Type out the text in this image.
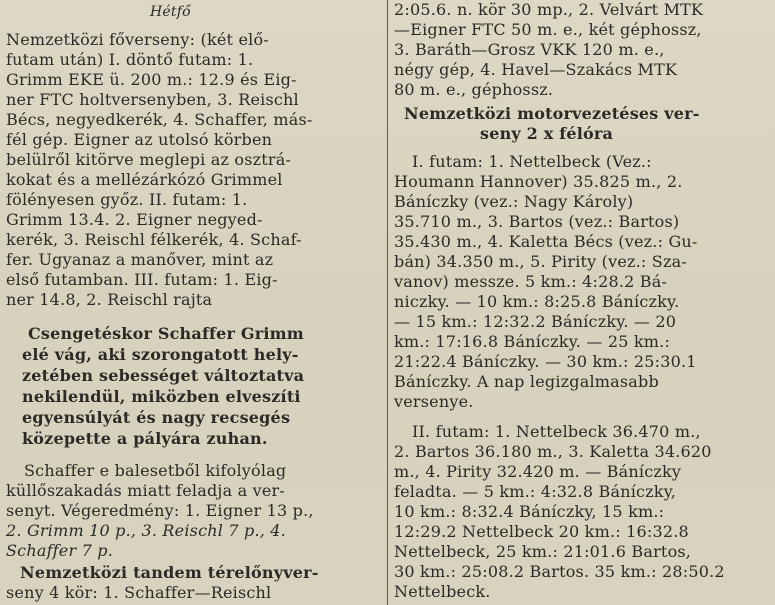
Hétfő
Nemzetközi főverseny: (két elő-
futam után) I. döntő futam: 1.
Grimm EKE ü. 200 m.: 12.9 és Eig-
ner FTC holtversenyben, 3. Reischl
Bécs, negyedkerék, 4. Schaffer, más-
fél gép. Eigner az utolsó körben
belülről kitörve meglepi az osztrá-
kokat és a mellézárkózó Grimmel
fölényesen győz. II. futam: 1.
Grimm 13.4. 2. Eigner negyed-
kerék, 3. Reischl félkerék, 4. Schaf-
fer. Ugyanaz a manőver, mint az
első futamban. III. futam: 1. Eig-
ner 14.8, 2. Reischl rajta
Csengetéskor Schaffer Grimm
elé vág, aki szorongatott hely-
zetében sebességet változtatva
nekilendül, miközben elveszíti
egyensúlyát és nagy recsegés
közepette a pályára zuhan.
Schaffer e balesetből kifolyólag
küllőszakadás miatt feladja a ver-
senyt. Végeredmény: 1. Eigner 13 p.,
2. Grimm 10 p., 3. Reischl 7 p., 4.
Schaffer 7 p.
Nemzetközi tandem térelőnyver-
seny 4 kör: 1. Schaffer—Reischl
2:05.6. n. kör 30 mp., 2. Velvárt MTK
—Eigner FTC 50 m. e., két géphossz,
3. Baráth—Grosz VKK 120 m. e.,
négy gép, 4. Havel—Szakács MTK
80 m. e., géphossz.
Nemzetközi motorvezetéses ver-
seny 2 x félóra
I. futam: 1. Nettelbeck (Vez.:
Houmann Hannover) 35.825 m., 2.
Báníczky (vez.: Nagy Károly)
35.710 m., 3. Bartos (vez.: Bartos)
35.430 m., 4. Kaletta Bécs (vez.: Gu-
bán) 34.350 m., 5. Pirity (vez.: Sza-
vanov) messze. 5 km.: 4:28.2 Bá-
niczky. — 10 km.: 8:25.8 Báníczky.
— 15 km.: 12:32.2 Báníczky. — 20
km.: 17:16.8 Báníczky. — 25 km.:
21:22.4 Báníczky. — 30 km.: 25:30.1
Báníczky. A nap legizgalmasabb
versenye.
II. futam: 1. Nettelbeck 36.470 m.,
2. Bartos 36.180 m., 3. Kaletta 34.620
m., 4. Pirity 32.420 m. — Báníczky
feladta. — 5 km.: 4:32.8 Báníczky,
10 km.: 8:32.4 Báníczky, 15 km.:
12:29.2 Nettelbeck 20 km.: 16:32.8
Nettelbeck, 25 km.: 21:01.6 Bartos,
30 km.: 25:08.2 Bartos. 35 km.: 28:50.2
Nettelbeck.
